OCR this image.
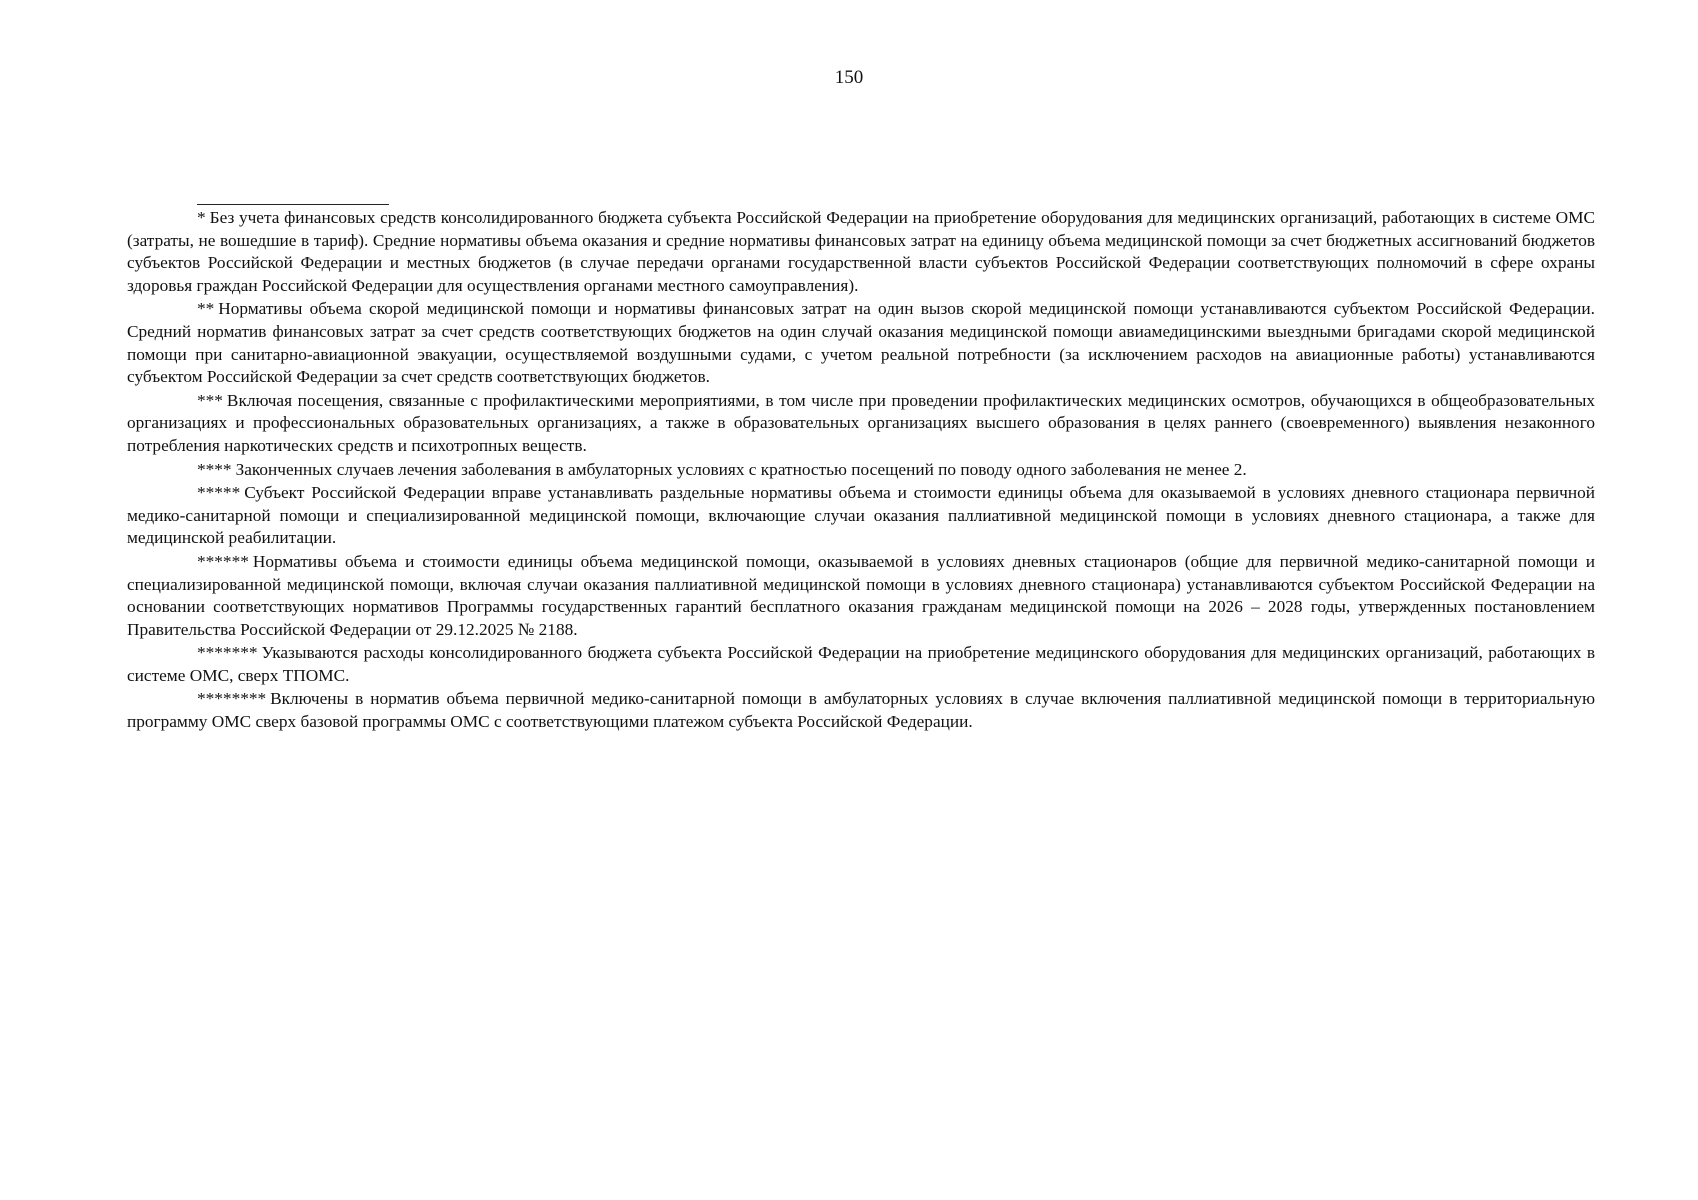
150

* Без учета финансовых средств консолидированного бюджета субъекта Российской Федерации на приобретение оборудования для медицинских организаций, работающих в системе ОМС (затраты, не вошедшие в тариф). Средние нормативы объема оказания и средние нормативы финансовых затрат на единицу объема медицинской помощи за счет бюджетных ассигнований бюджетов субъектов Российской Федерации и местных бюджетов (в случае передачи органами государственной власти субъектов Российской Федерации соответствующих полномочий в сфере охраны здоровья граждан Российской Федерации для осуществления органами местного самоуправления).

** Нормативы объема скорой медицинской помощи и нормативы финансовых затрат на один вызов скорой медицинской помощи устанавливаются субъектом Российской Федерации. Средний норматив финансовых затрат за счет средств соответствующих бюджетов на один случай оказания медицинской помощи авиамедицинскими выездными бригадами скорой медицинской помощи при санитарно-авиационной эвакуации, осуществляемой воздушными судами, с учетом реальной потребности (за исключением расходов на авиационные работы) устанавливаются субъектом Российской Федерации за счет средств соответствующих бюджетов.

*** Включая посещения, связанные с профилактическими мероприятиями, в том числе при проведении профилактических медицинских осмотров, обучающихся в общеобразовательных организациях и профессиональных образовательных организациях, а также в образовательных организациях высшего образования в целях раннего (своевременного) выявления незаконного потребления наркотических средств и психотропных веществ.

**** Законченных случаев лечения заболевания в амбулаторных условиях с кратностью посещений по поводу одного заболевания не менее 2.

***** Субъект Российской Федерации вправе устанавливать раздельные нормативы объема и стоимости единицы объема для оказываемой в условиях дневного стационара первичной медико-санитарной помощи и специализированной медицинской помощи, включающие случаи оказания паллиативной медицинской помощи в условиях дневного стационара, а также для медицинской реабилитации.

****** Нормативы объема и стоимости единицы объема медицинской помощи, оказываемой в условиях дневных стационаров (общие для первичной медико-санитарной помощи и специализированной медицинской помощи, включая случаи оказания паллиативной медицинской помощи в условиях дневного стационара) устанавливаются субъектом Российской Федерации на основании соответствующих нормативов Программы государственных гарантий бесплатного оказания гражданам медицинской помощи на 2026 – 2028 годы, утвержденных постановлением Правительства Российской Федерации от 29.12.2025 № 2188.

******* Указываются расходы консолидированного бюджета субъекта Российской Федерации на приобретение медицинского оборудования для медицинских организаций, работающих в системе ОМС, сверх ТПОМС.

******** Включены в норматив объема первичной медико-санитарной помощи в амбулаторных условиях в случае включения паллиативной медицинской помощи в территориальную программу ОМС сверх базовой программы ОМС с соответствующими платежом субъекта Российской Федерации.
